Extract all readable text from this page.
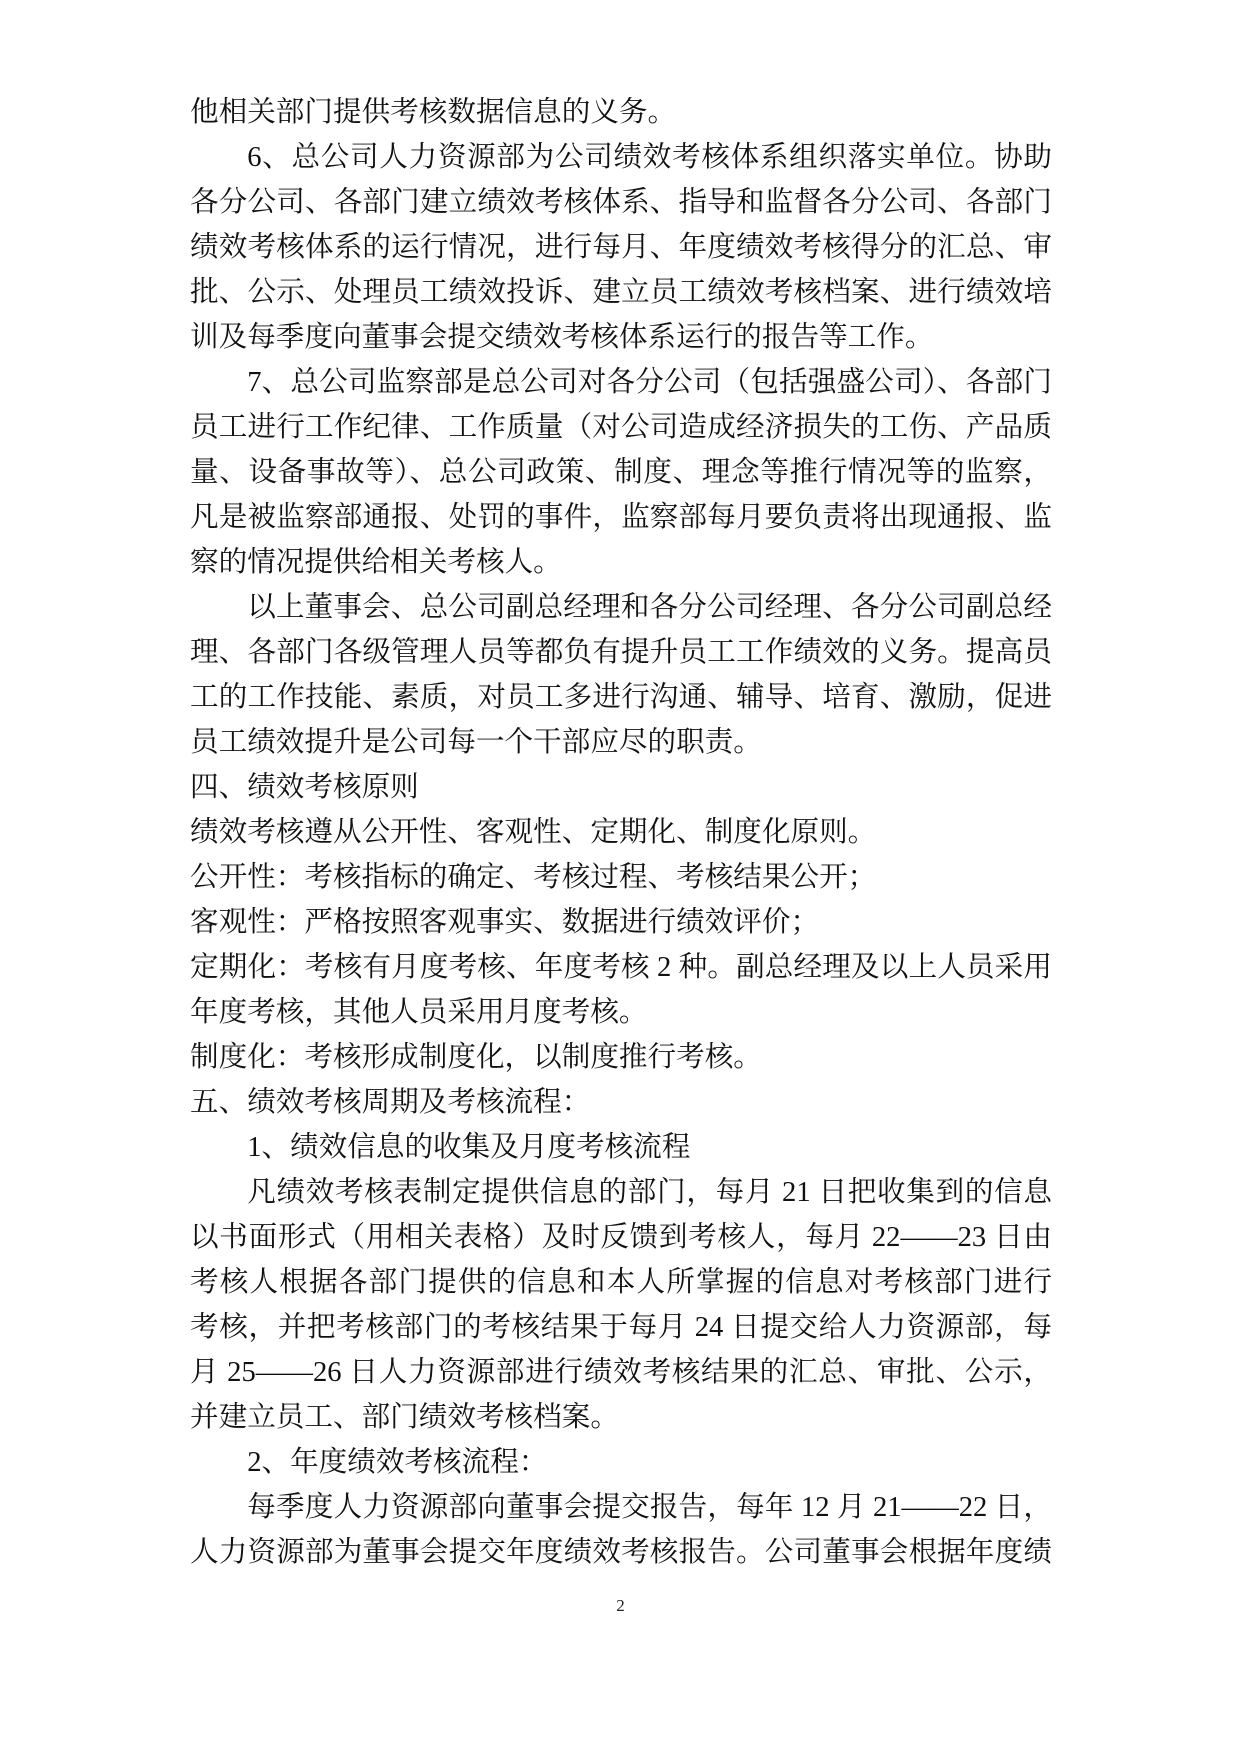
他相关部门提供考核数据信息的义务。
6、总公司人力资源部为公司绩效考核体系组织落实单位。协助
各分公司、各部门建立绩效考核体系、指导和监督各分公司、各部门
绩效考核体系的运行情况，进行每月、年度绩效考核得分的汇总、审
批、公示、处理员工绩效投诉、建立员工绩效考核档案、进行绩效培
训及每季度向董事会提交绩效考核体系运行的报告等工作。
7、总公司监察部是总公司对各分公司（包括强盛公司）、各部门
员工进行工作纪律、工作质量（对公司造成经济损失的工伤、产品质
量、设备事故等）、总公司政策、制度、理念等推行情况等的监察，
凡是被监察部通报、处罚的事件，监察部每月要负责将出现通报、监
察的情况提供给相关考核人。
以上董事会、总公司副总经理和各分公司经理、各分公司副总经
理、各部门各级管理人员等都负有提升员工工作绩效的义务。提高员
工的工作技能、素质，对员工多进行沟通、辅导、培育、激励，促进
员工绩效提升是公司每一个干部应尽的职责。
四、绩效考核原则
绩效考核遵从公开性、客观性、定期化、制度化原则。
公开性：考核指标的确定、考核过程、考核结果公开；
客观性：严格按照客观事实、数据进行绩效评价；
定期化：考核有月度考核、年度考核 2 种。副总经理及以上人员采用
年度考核，其他人员采用月度考核。
制度化：考核形成制度化，以制度推行考核。
五、绩效考核周期及考核流程：
1、绩效信息的收集及月度考核流程
凡绩效考核表制定提供信息的部门，每月 21 日把收集到的信息
以书面形式（用相关表格）及时反馈到考核人，每月 22——23 日由
考核人根据各部门提供的信息和本人所掌握的信息对考核部门进行
考核，并把考核部门的考核结果于每月 24 日提交给人力资源部，每
月 25——26 日人力资源部进行绩效考核结果的汇总、审批、公示，
并建立员工、部门绩效考核档案。
2、年度绩效考核流程：
每季度人力资源部向董事会提交报告，每年 12 月 21——22 日，
人力资源部为董事会提交年度绩效考核报告。公司董事会根据年度绩
2
